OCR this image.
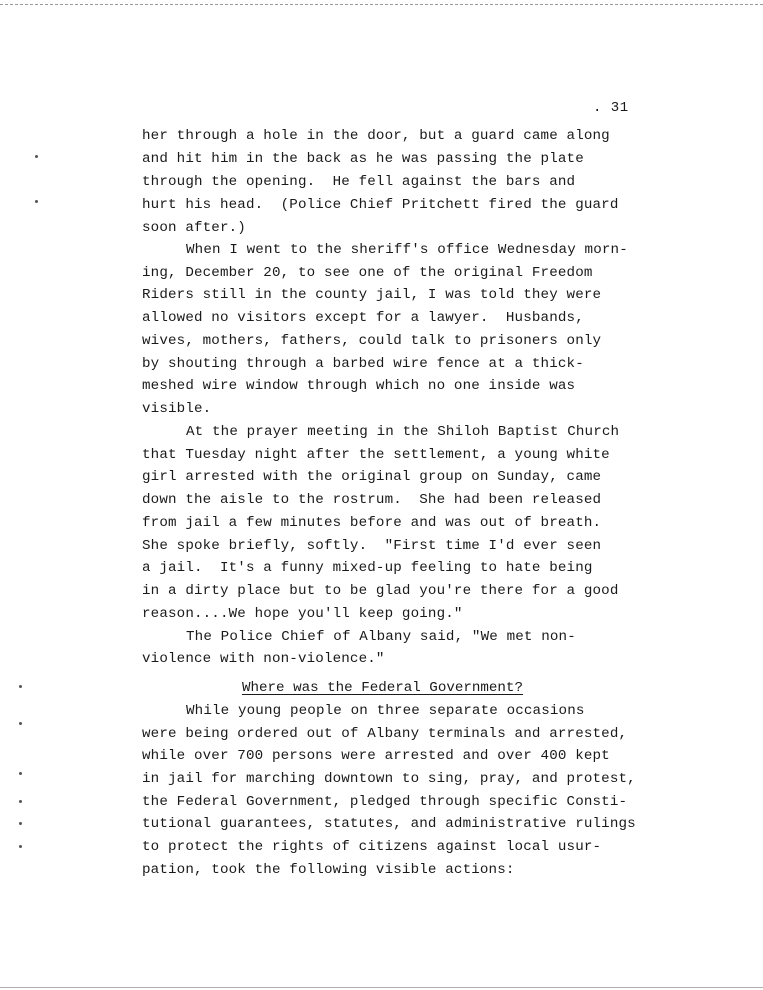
. 31
her through a hole in the door, but a guard came along
and hit him in the back as he was passing the plate
through the opening.  He fell against the bars and
hurt his head.  (Police Chief Pritchett fired the guard
soon after.)
When I went to the sheriff's office Wednesday morn-
ing, December 20, to see one of the original Freedom
Riders still in the county jail, I was told they were
allowed no visitors except for a lawyer.  Husbands,
wives, mothers, fathers, could talk to prisoners only
by shouting through a barbed wire fence at a thick-
meshed wire window through which no one inside was
visible.
At the prayer meeting in the Shiloh Baptist Church
that Tuesday night after the settlement, a young white
girl arrested with the original group on Sunday, came
down the aisle to the rostrum.  She had been released
from jail a few minutes before and was out of breath.
She spoke briefly, softly.  "First time I'd ever seen
a jail.  It's a funny mixed-up feeling to hate being
in a dirty place but to be glad you're there for a good
reason....We hope you'll keep going."
The Police Chief of Albany said, "We met non-
violence with non-violence."
Where was the Federal Government?
While young people on three separate occasions
were being ordered out of Albany terminals and arrested,
while over 700 persons were arrested and over 400 kept
in jail for marching downtown to sing, pray, and protest,
the Federal Government, pledged through specific Consti-
tutional guarantees, statutes, and administrative rulings
to protect the rights of citizens against local usur-
pation, took the following visible actions:
